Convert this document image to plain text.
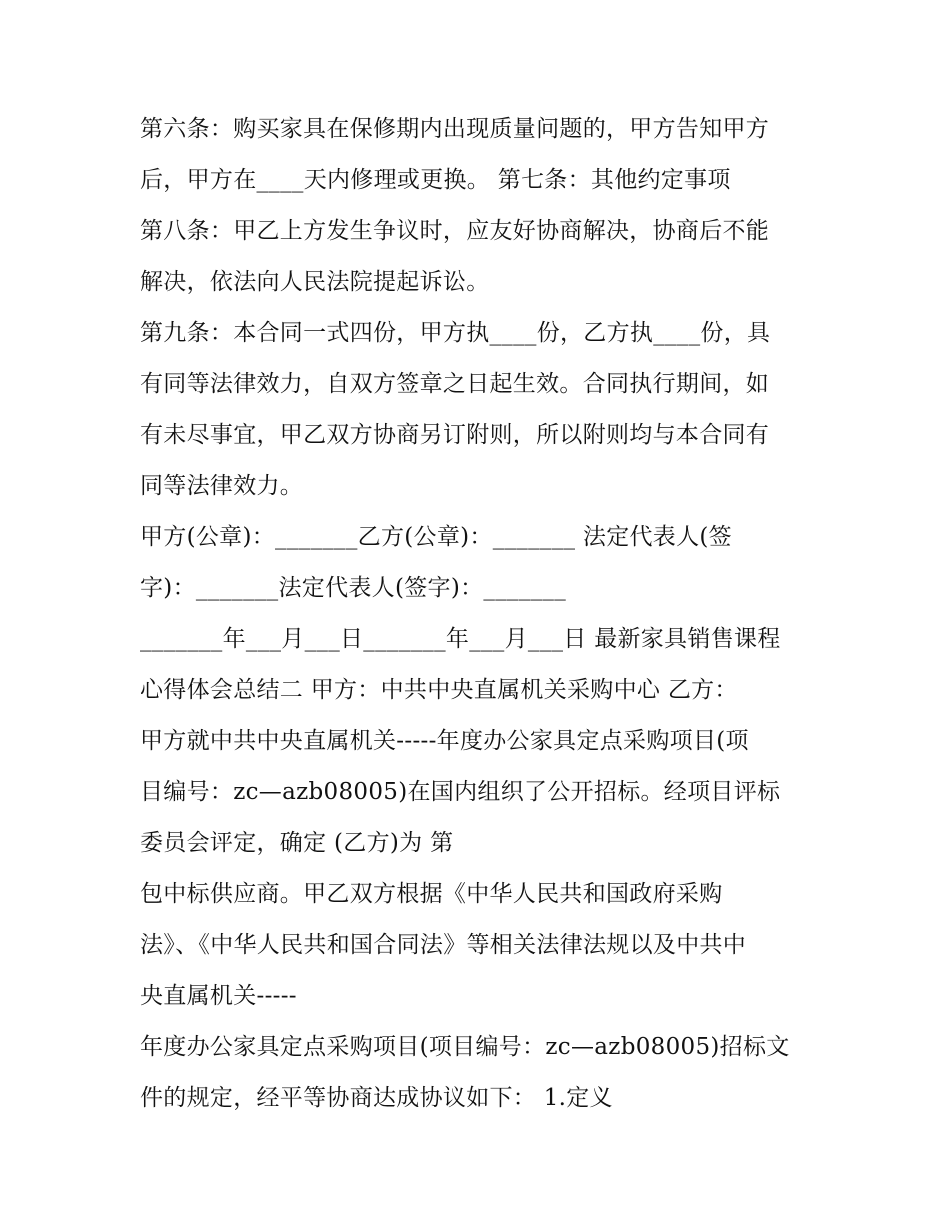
第六条：购买家具在保修期内出现质量问题的，甲方告知甲方

后，甲方在____天内修理或更换。 第七条：其他约定事项

第八条：甲乙上方发生争议时，应友好协商解决，协商后不能

解决，依法向人民法院提起诉讼。

第九条：本合同一式四份，甲方执____份，乙方执____份，具

有同等法律效力，自双方签章之日起生效。合同执行期间，如

有未尽事宜，甲乙双方协商另订附则，所以附则均与本合同有

同等法律效力。

甲方(公章)：_______乙方(公章)：_______ 法定代表人(签

字)：_______法定代表人(签字)：_______

_______年___月___日_______年___月___日 最新家具销售课程

心得体会总结二 甲方：中共中央直属机关采购中心 乙方：

甲方就中共中央直属机关-----年度办公家具定点采购项目(项

目编号：zc—azb08005)在国内组织了公开招标。经项目评标

委员会评定，确定 (乙方)为 第

包中标供应商。甲乙双方根据《中华人民共和国政府采购

法》、《中华人民共和国合同法》等相关法律法规以及中共中

央直属机关-----

年度办公家具定点采购项目(项目编号：zc—azb08005)招标文

件的规定，经平等协商达成协议如下： 1.定义
